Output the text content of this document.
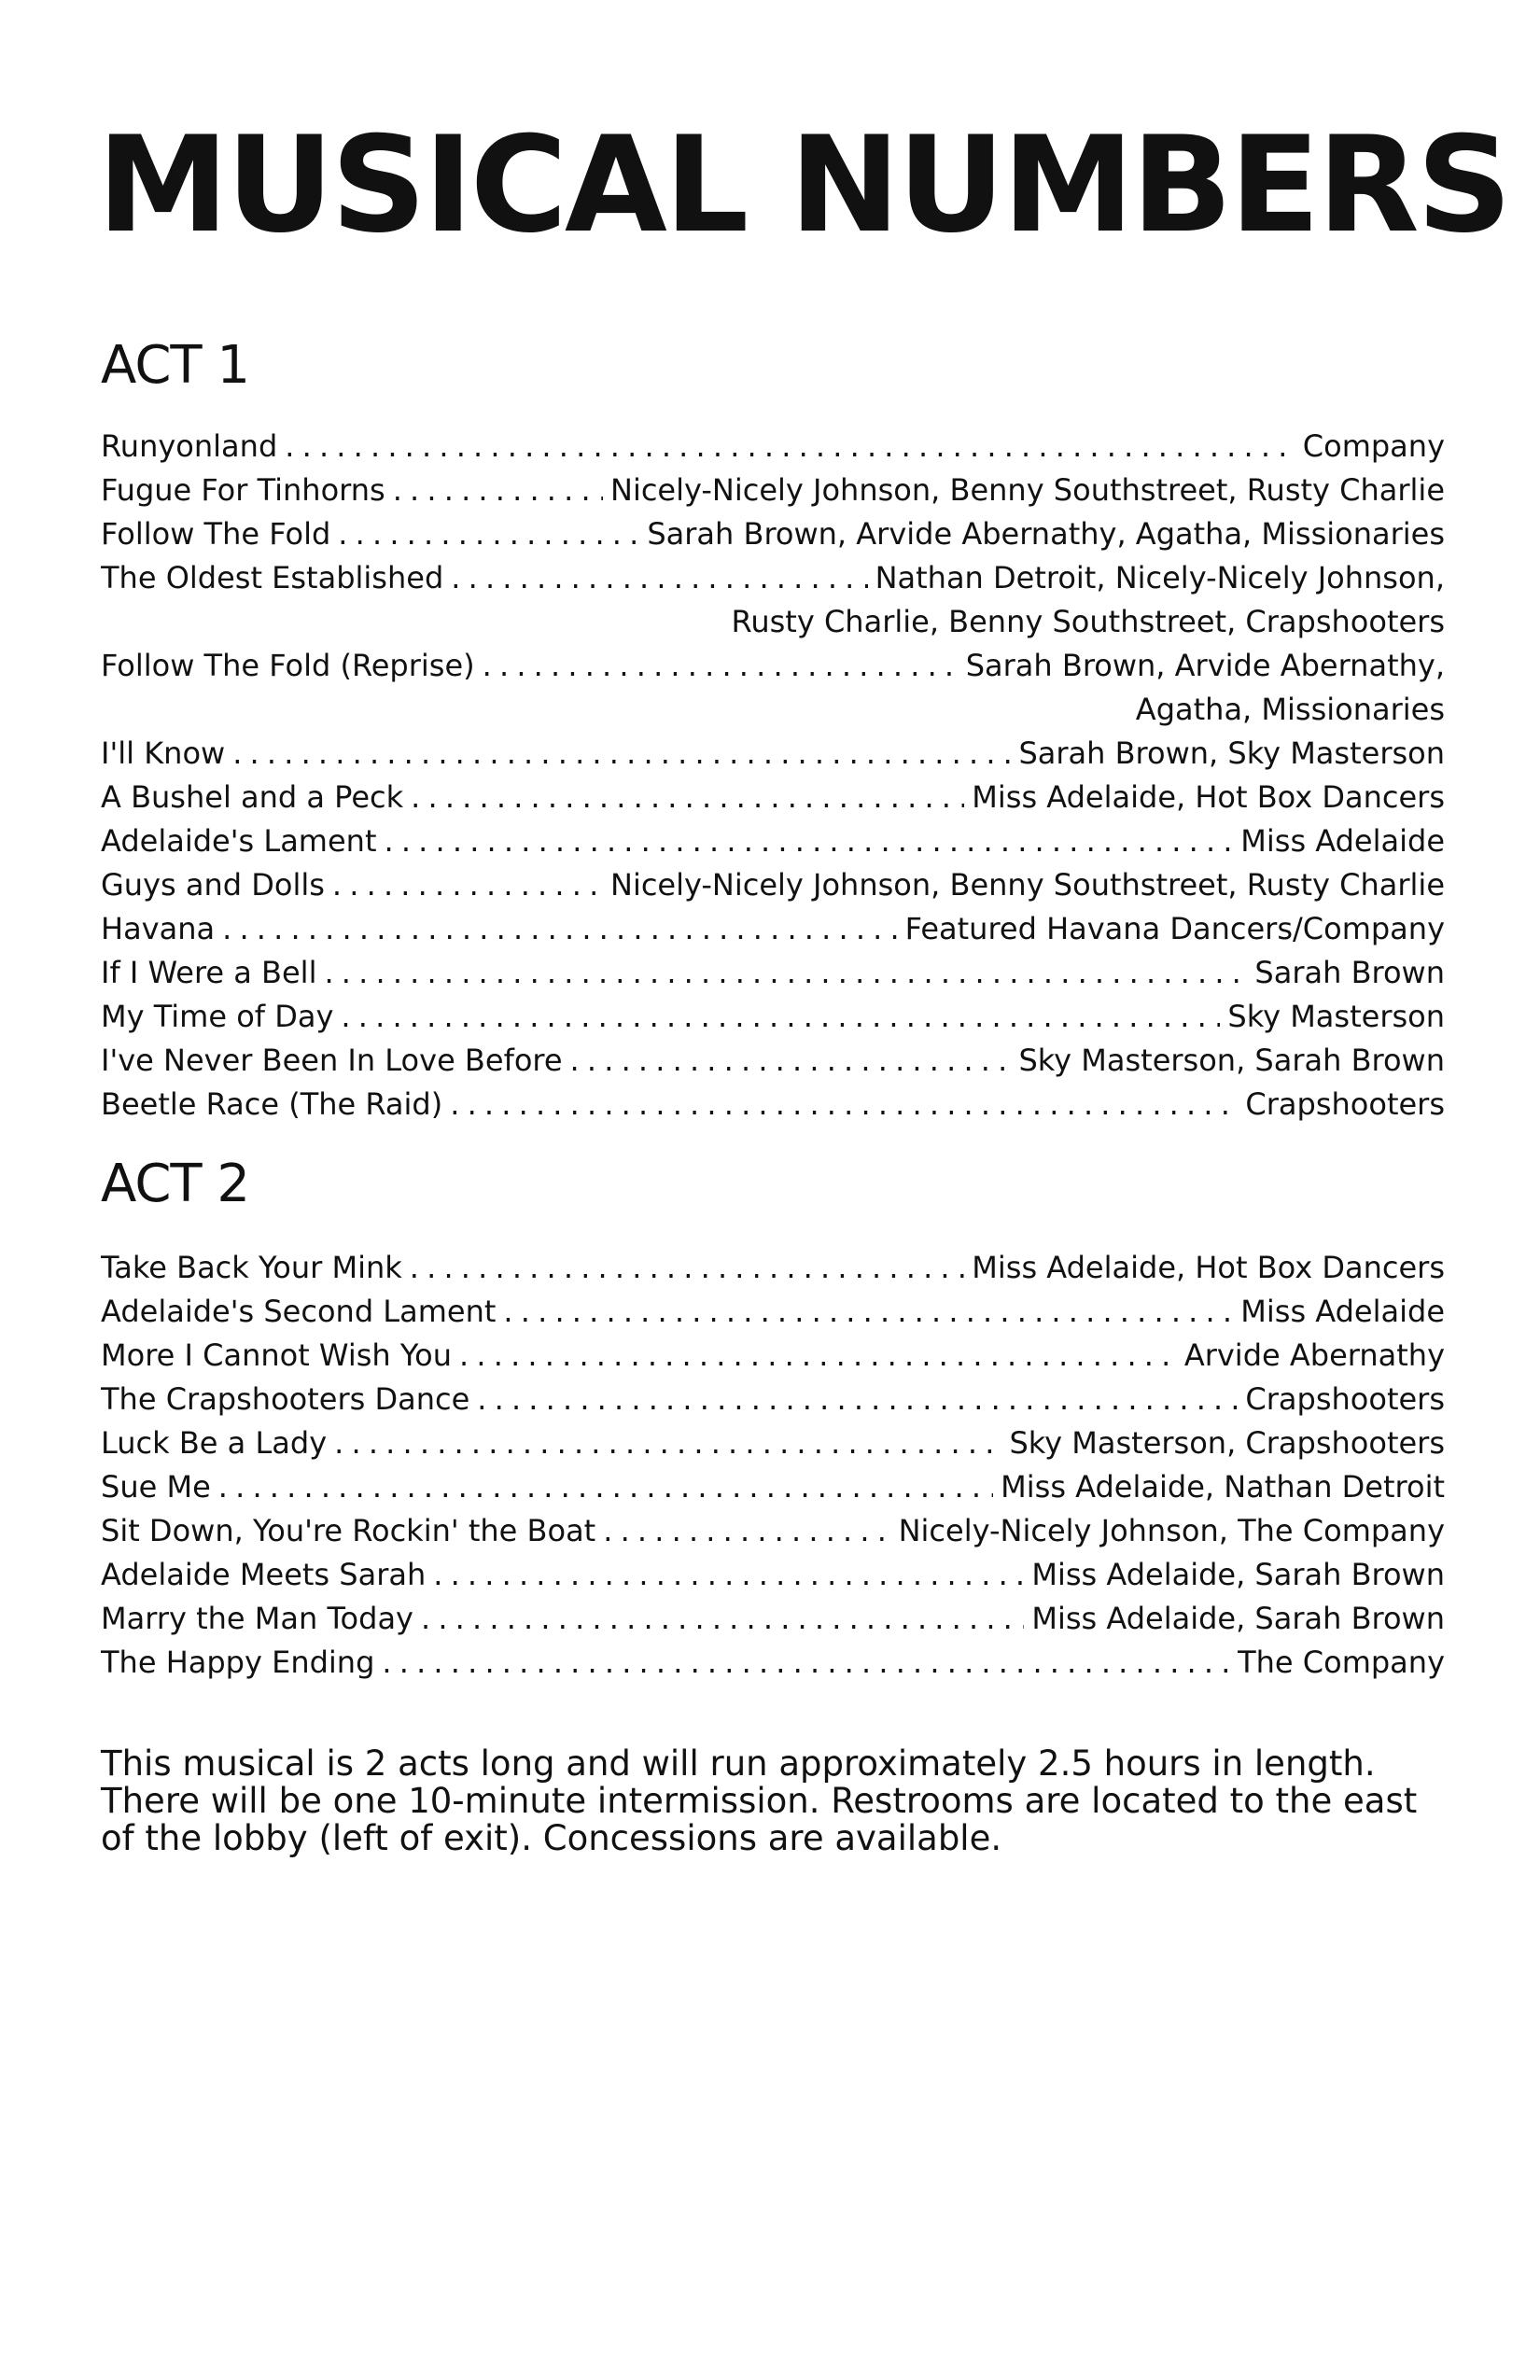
MUSICAL NUMBERS
ACT 1
Runyonland . . .	Company
Fugue For Tinhorns . . .	Nicely-Nicely Johnson, Benny Southstreet, Rusty Charlie
Follow The Fold . . .	Sarah Brown, Arvide Abernathy, Agatha, Missionaries
The Oldest Established . . .	Nathan Detroit, Nicely-Nicely Johnson,
Rusty Charlie, Benny Southstreet, Crapshooters
Follow The Fold (Reprise) . . .	Sarah Brown, Arvide Abernathy,
Agatha, Missionaries
I'll Know . . .	Sarah Brown, Sky Masterson
A Bushel and a Peck . . .	Miss Adelaide, Hot Box Dancers
Adelaide's Lament . . .	Miss Adelaide
Guys and Dolls . . .	Nicely-Nicely Johnson, Benny Southstreet, Rusty Charlie
Havana . . .	Featured Havana Dancers/Company
If I Were a Bell . . .	Sarah Brown
My Time of Day . . .	Sky Masterson
I've Never Been In Love Before . . .	Sky Masterson, Sarah Brown
Beetle Race (The Raid) . . .	Crapshooters
ACT 2
Take Back Your Mink . . .	Miss Adelaide, Hot Box Dancers
Adelaide's Second Lament . . .	Miss Adelaide
More I Cannot Wish You . . .	Arvide Abernathy
The Crapshooters Dance . . .	Crapshooters
Luck Be a Lady . . .	Sky Masterson, Crapshooters
Sue Me . . .	Miss Adelaide, Nathan Detroit
Sit Down, You're Rockin' the Boat . . .	Nicely-Nicely Johnson, The Company
Adelaide Meets Sarah . . .	Miss Adelaide, Sarah Brown
Marry the Man Today . . .	Miss Adelaide, Sarah Brown
The Happy Ending . . .	The Company

This musical is 2 acts long and will run approximately 2.5 hours in length. There will be one 10-minute intermission. Restrooms are located to the east of the lobby (left of exit). Concessions are available.
